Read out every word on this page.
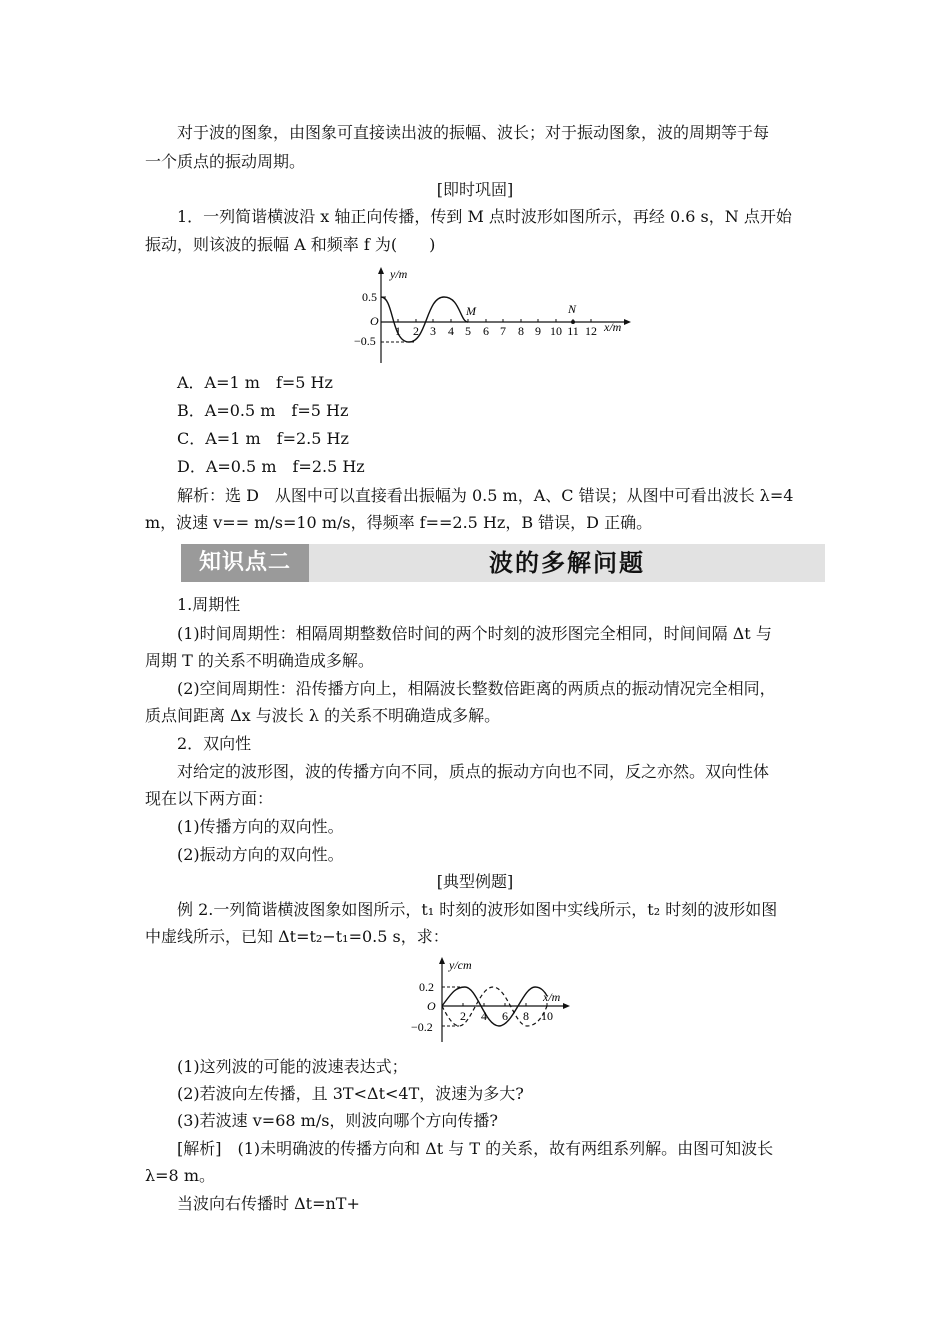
对于波的图象，由图象可直接读出波的振幅、波长；对于振动图象，波的周期等于每
一个质点的振动周期。
[即时巩固]
1．一列简谐横波沿 x 轴正向传播，传到 M 点时波形如图所示，再经 0.6 s，N 点开始
振动，则该波的振幅 A 和频率 f 为(　　)
y/m
x/m
O
0.5
−0.5
1 2 3 4 5 6 7 8 9 10 11 12
M	N
A．A=1 m　f=5 Hz
B．A=0.5 m　f=5 Hz
C．A=1 m　f=2.5 Hz
D．A=0.5 m　f=2.5 Hz
解析：选 D　从图中可以直接看出振幅为 0.5 m，A、C 错误；从图中可看出波长 λ=4
m，波速 v== m/s=10 m/s，得频率 f==2.5 Hz，B 错误，D 正确。
知识点二	波的多解问题
1.周期性
(1)时间周期性：相隔周期整数倍时间的两个时刻的波形图完全相同，时间间隔 Δt 与
周期 T 的关系不明确造成多解。
(2)空间周期性：沿传播方向上，相隔波长整数倍距离的两质点的振动情况完全相同，
质点间距离 Δx 与波长 λ 的关系不明确造成多解。
2．双向性
对给定的波形图，波的传播方向不同，质点的振动方向也不同，反之亦然。双向性体
现在以下两方面：
(1)传播方向的双向性。
(2)振动方向的双向性。
[典型例题]
例 2.一列简谐横波图象如图所示，t₁ 时刻的波形如图中实线所示，t₂ 时刻的波形如图
中虚线所示，已知 Δt=t₂−t₁=0.5 s，求：
y/cm
x/m
O
0.2
−0.2
2 4 6 8 10
(1)这列波的可能的波速表达式；
(2)若波向左传播，且 3T<Δt<4T，波速为多大?
(3)若波速 v=68 m/s，则波向哪个方向传播?
[解析]　(1)未明确波的传播方向和 Δt 与 T 的关系，故有两组系列解。由图可知波长
λ=8 m。
当波向右传播时 Δt=nT+
